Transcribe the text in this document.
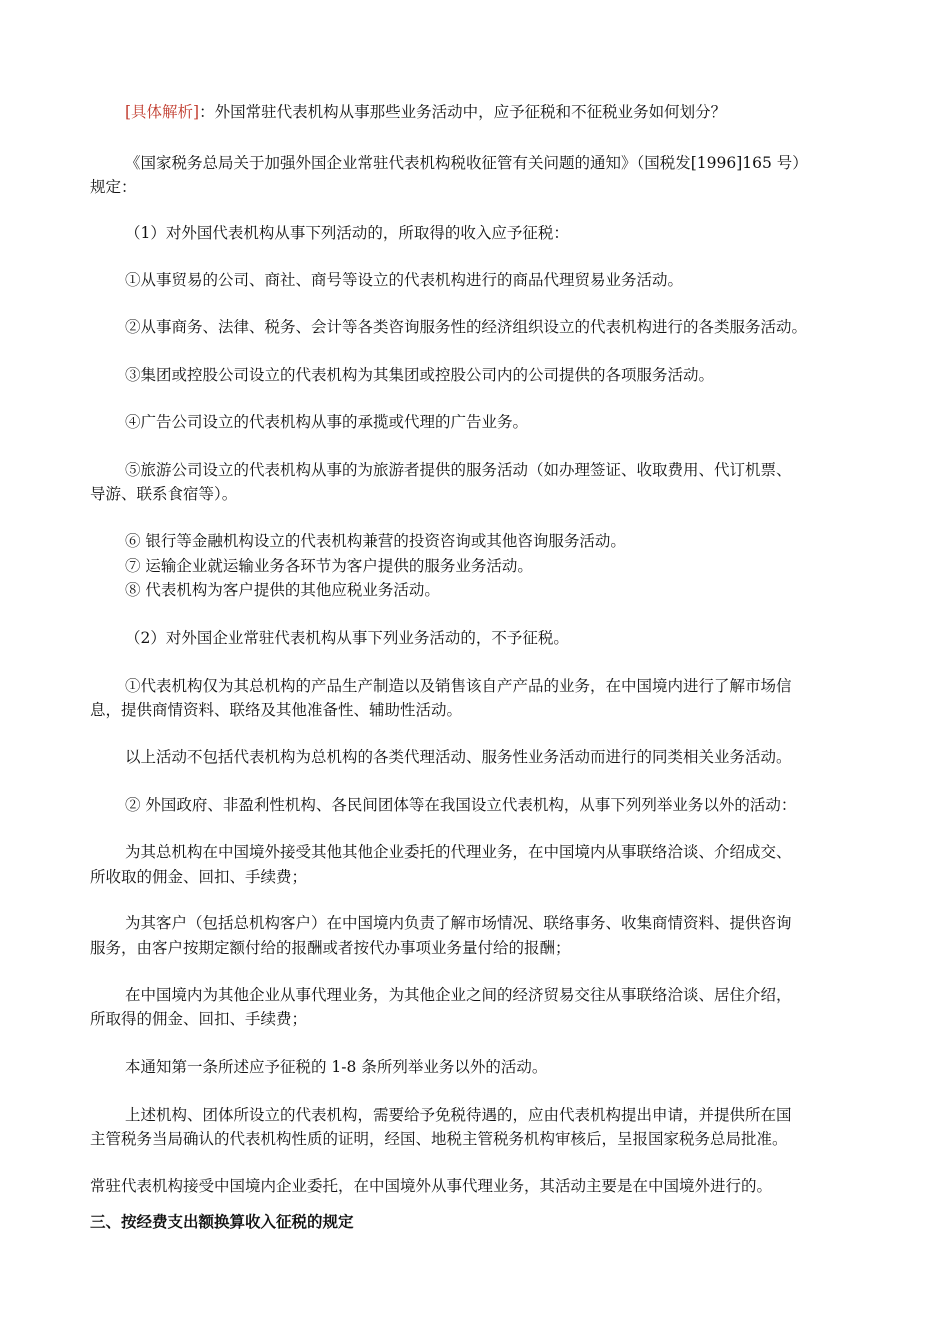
[具体解析]：外国常驻代表机构从事那些业务活动中，应予征税和不征税业务如何划分？
《国家税务总局关于加强外国企业常驻代表机构税收征管有关问题的通知》（国税发[1996]165 号）
规定：
（1）对外国代表机构从事下列活动的，所取得的收入应予征税：
①从事贸易的公司、商社、商号等设立的代表机构进行的商品代理贸易业务活动。
②从事商务、法律、税务、会计等各类咨询服务性的经济组织设立的代表机构进行的各类服务活动。
③集团或控股公司设立的代表机构为其集团或控股公司内的公司提供的各项服务活动。
④广告公司设立的代表机构从事的承揽或代理的广告业务。
⑤旅游公司设立的代表机构从事的为旅游者提供的服务活动（如办理签证、收取费用、代订机票、
导游、联系食宿等）。
⑥ 银行等金融机构设立的代表机构兼营的投资咨询或其他咨询服务活动。
⑦ 运输企业就运输业务各环节为客户提供的服务业务活动。
⑧ 代表机构为客户提供的其他应税业务活动。
（2）对外国企业常驻代表机构从事下列业务活动的，不予征税。
①代表机构仅为其总机构的产品生产制造以及销售该自产产品的业务，在中国境内进行了解市场信
息，提供商情资料、联络及其他准备性、辅助性活动。
以上活动不包括代表机构为总机构的各类代理活动、服务性业务活动而进行的同类相关业务活动。
② 外国政府、非盈利性机构、各民间团体等在我国设立代表机构，从事下列列举业务以外的活动：
为其总机构在中国境外接受其他其他企业委托的代理业务，在中国境内从事联络洽谈、介绍成交、
所收取的佣金、回扣、手续费；
为其客户（包括总机构客户）在中国境内负责了解市场情况、联络事务、收集商情资料、提供咨询
服务，由客户按期定额付给的报酬或者按代办事项业务量付给的报酬；
在中国境内为其他企业从事代理业务，为其他企业之间的经济贸易交往从事联络洽谈、居住介绍，
所取得的佣金、回扣、手续费；
本通知第一条所述应予征税的 1-8 条所列举业务以外的活动。
上述机构、团体所设立的代表机构，需要给予免税待遇的，应由代表机构提出申请，并提供所在国
主管税务当局确认的代表机构性质的证明，经国、地税主管税务机构审核后，呈报国家税务总局批准。
常驻代表机构接受中国境内企业委托，在中国境外从事代理业务，其活动主要是在中国境外进行的。
三、按经费支出额换算收入征税的规定
